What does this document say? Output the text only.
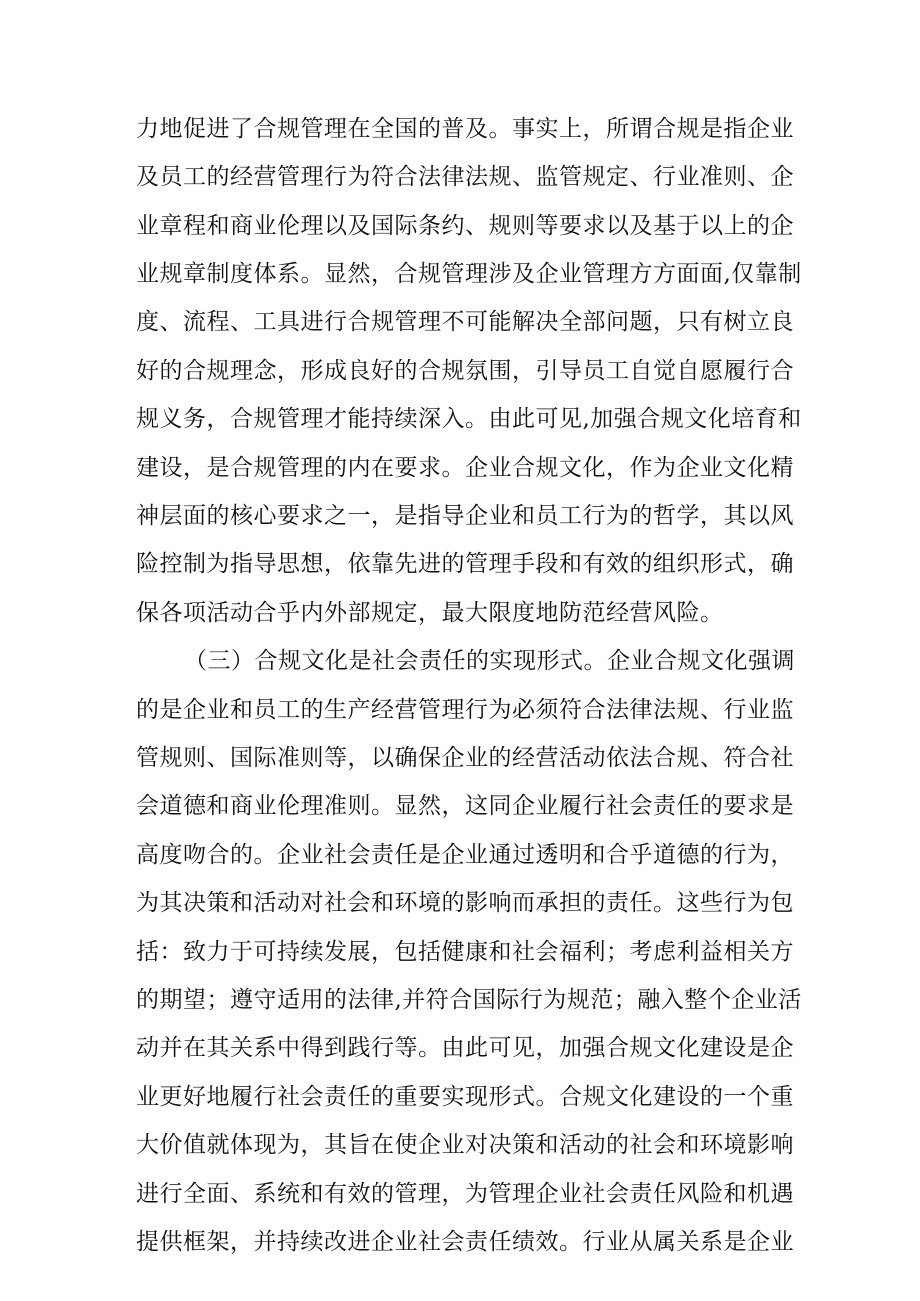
力地促进了合规管理在全国的普及。事实上，所谓合规是指企业
及员工的经营管理行为符合法律法规、监管规定、行业准则、企
业章程和商业伦理以及国际条约、规则等要求以及基于以上的企
业规章制度体系。显然，合规管理涉及企业管理方方面面,仅靠制
度、流程、工具进行合规管理不可能解决全部问题，只有树立良
好的合规理念，形成良好的合规氛围，引导员工自觉自愿履行合
规义务，合规管理才能持续深入。由此可见,加强合规文化培育和
建设，是合规管理的内在要求。企业合规文化，作为企业文化精
神层面的核心要求之一，是指导企业和员工行为的哲学，其以风
险控制为指导思想，依靠先进的管理手段和有效的组织形式，确
保各项活动合乎内外部规定，最大限度地防范经营风险。
（三）合规文化是社会责任的实现形式。企业合规文化强调
的是企业和员工的生产经营管理行为必须符合法律法规、行业监
管规则、国际准则等，以确保企业的经营活动依法合规、符合社
会道德和商业伦理准则。显然，这同企业履行社会责任的要求是
高度吻合的。企业社会责任是企业通过透明和合乎道德的行为，
为其决策和活动对社会和环境的影响而承担的责任。这些行为包
括：致力于可持续发展，包括健康和社会福利；考虑利益相关方
的期望；遵守适用的法律,并符合国际行为规范；融入整个企业活
动并在其关系中得到践行等。由此可见，加强合规文化建设是企
业更好地履行社会责任的重要实现形式。合规文化建设的一个重
大价值就体现为，其旨在使企业对决策和活动的社会和环境影响
进行全面、系统和有效的管理，为管理企业社会责任风险和机遇
提供框架，并持续改进企业社会责任绩效。行业从属关系是企业
